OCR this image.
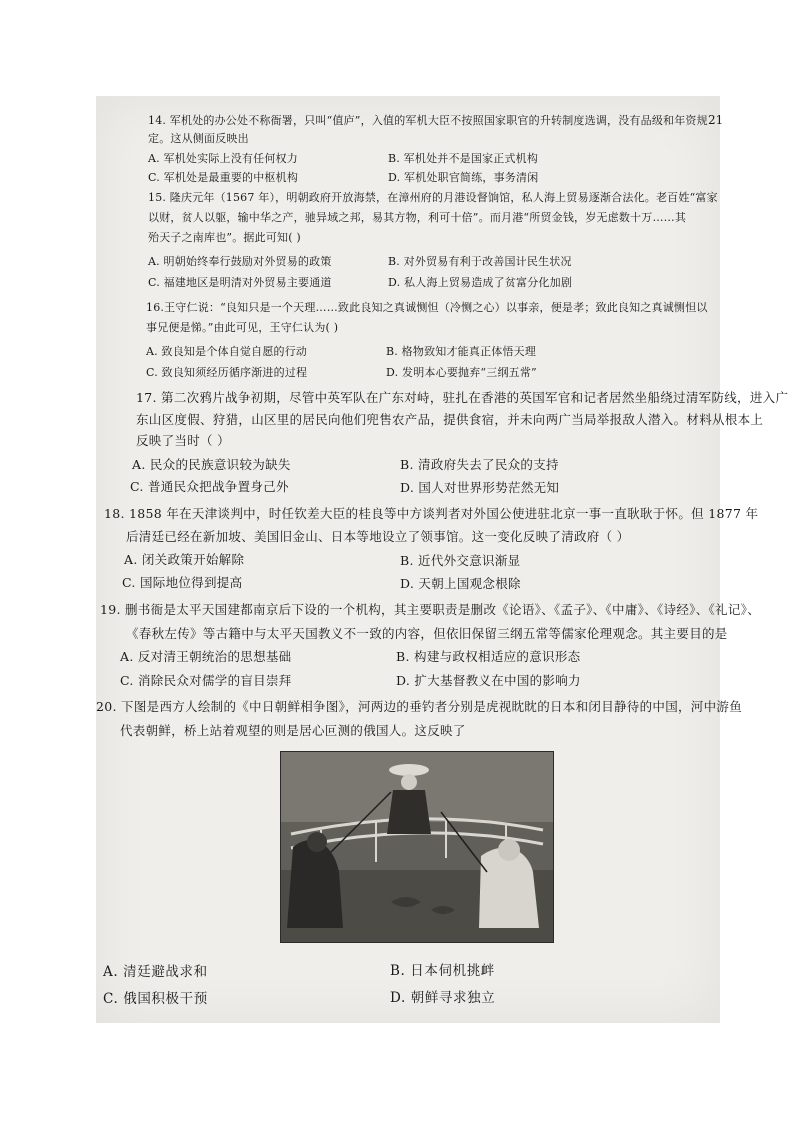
21
14. 军机处的办公处不称衙署，只叫“值庐”，入值的军机大臣不按照国家职官的升转制度选调，没有品级和年资规
定。这从侧面反映出
A. 军机处实际上没有任何权力	B. 军机处并不是国家正式机构
C. 军机处是最重要的中枢机构	D. 军机处职官简练，事务清闲
15. 隆庆元年（1567 年），明朝政府开放海禁，在漳州府的月港设督饷馆，私人海上贸易逐渐合法化。老百姓“富家
以财，贫人以躯，输中华之产，驰异域之邦，易其方物，利可十倍”。而月港“所贸金钱，岁无虑数十万……其
殆天子之南库也”。据此可知( )
A. 明朝始终奉行鼓励对外贸易的政策	B. 对外贸易有利于改善国计民生状况
C. 福建地区是明清对外贸易主要通道	D. 私人海上贸易造成了贫富分化加剧
16.王守仁说：“良知只是一个天理……致此良知之真诚恻怛（冷恻之心）以事亲，便是孝；致此良知之真诚恻怛以
事兄便是悌。”由此可见，王守仁认为( )
A. 致良知是个体自觉自愿的行动	B. 格物致知才能真正体悟天理
C. 致良知须经历循序渐进的过程	D. 发明本心要抛弃“三纲五常”
17. 第二次鸦片战争初期，尽管中英军队在广东对峙，驻扎在香港的英国军官和记者居然坐船绕过清军防线，进入广
东山区度假、狩猎，山区里的居民向他们兜售农产品，提供食宿，并未向两广当局举报敌人潜入。材料从根本上
反映了当时（ ）
A. 民众的民族意识较为缺失	B. 清政府失去了民众的支持
C. 普通民众把战争置身己外	D. 国人对世界形势茫然无知
18. 1858 年在天津谈判中，时任钦差大臣的桂良等中方谈判者对外国公使进驻北京一事一直耿耿于怀。但 1877 年
后清廷已经在新加坡、美国旧金山、日本等地设立了领事馆。这一变化反映了清政府（ ）
A. 闭关政策开始解除	B. 近代外交意识渐显
C. 国际地位得到提高	D. 天朝上国观念根除
19. 删书衙是太平天国建都南京后下设的一个机构，其主要职责是删改《论语》、《孟子》、《中庸》、《诗经》、《礼记》、
《春秋左传》等古籍中与太平天国教义不一致的内容，但依旧保留三纲五常等儒家伦理观念。其主要目的是
A. 反对清王朝统治的思想基础	B. 构建与政权相适应的意识形态
C. 消除民众对儒学的盲目崇拜	D. 扩大基督教义在中国的影响力
20. 下图是西方人绘制的《中日朝鲜相争图》，河两边的垂钓者分别是虎视眈眈的日本和闭目静待的中国，河中游鱼
代表朝鲜，桥上站着观望的则是居心叵测的俄国人。这反映了
A. 清廷避战求和	B. 日本伺机挑衅
C. 俄国积极干预	D. 朝鲜寻求独立
